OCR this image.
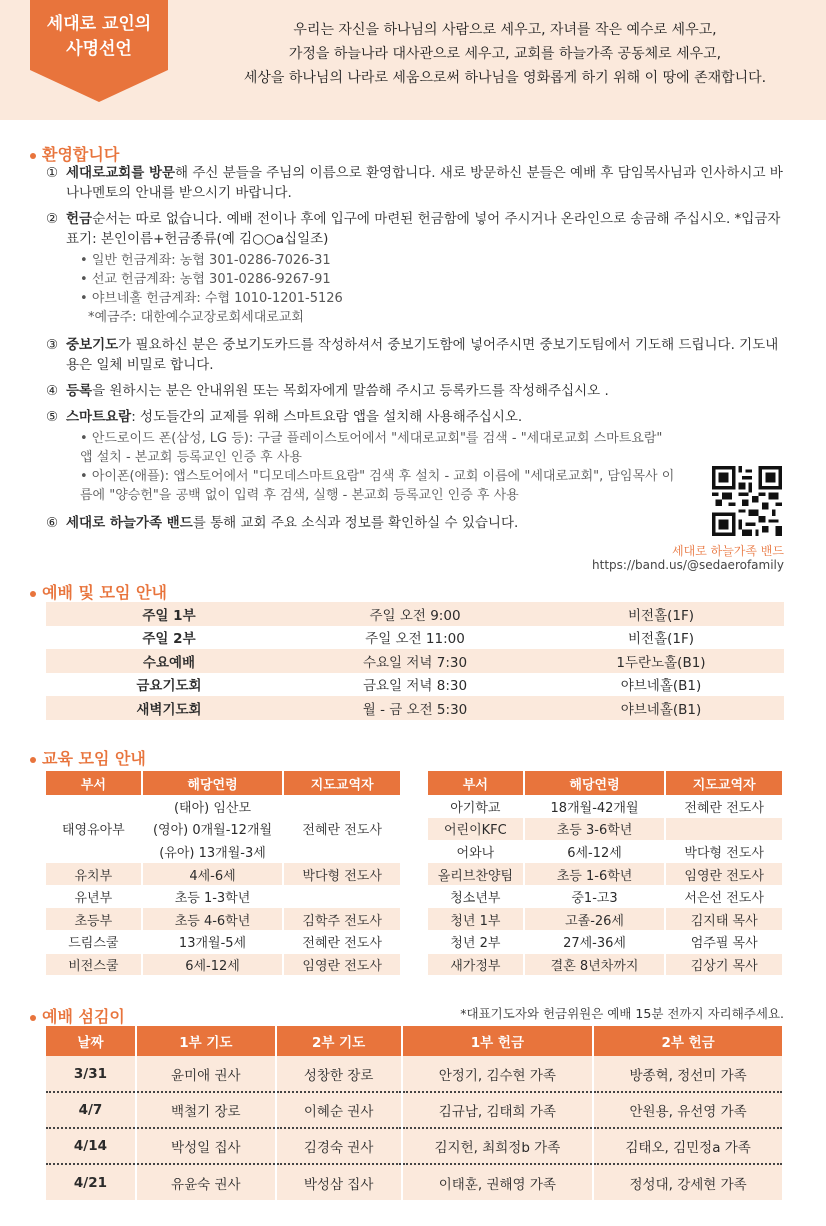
세대로 교인의
사명선언
우리는 자신을 하나님의 사람으로 세우고, 자녀를 작은 예수로 세우고,
가정을 하늘나라 대사관으로 세우고, 교회를 하늘가족 공동체로 세우고,
세상을 하나님의 나라로 세움으로써 하나님을 영화롭게 하기 위해 이 땅에 존재합니다.
환영합니다
① 세대로교회를 방문해 주신 분들을 주님의 이름으로 환영합니다. 새로 방문하신 분들은 예배 후 담임목사님과 인사하시고 바나나멘토의 안내를 받으시기 바랍니다.
② 헌금순서는 따로 없습니다. 예배 전이나 후에 입구에 마련된 헌금함에 넣어 주시거나 온라인으로 송금해 주십시오. *입금자 표기: 본인이름+헌금종류(예 김○○a십일조)
• 일반 헌금계좌: 농협 301-0286-7026-31
• 선교 헌금계좌: 농협 301-0286-9267-91
• 야브네홀 헌금계좌: 수협 1010-1201-5126
*예금주: 대한예수교장로회세대로교회
③ 중보기도가 필요하신 분은 중보기도카드를 작성하셔서 중보기도함에 넣어주시면 중보기도팀에서 기도해 드립니다. 기도내용은 일체 비밀로 합니다.
④ 등록을 원하시는 분은 안내위원 또는 목회자에게 말씀해 주시고 등록카드를 작성해주십시오 .
⑤ 스마트요람: 성도들간의 교제를 위해 스마트요람 앱을 설치해 사용해주십시오.
• 안드로이드 폰(삼성, LG 등): 구글 플레이스토어에서 "세대로교회"를 검색 - "세대로교회 스마트요람" 앱 설치 - 본교회 등록교인 인증 후 사용
• 아이폰(애플): 앱스토어에서 "디모데스마트요람" 검색 후 설치 - 교회 이름에 "세대로교회", 담임목사 이름에 "양승헌"을 공백 없이 입력 후 검색, 실행 - 본교회 등록교인 인증 후 사용
⑥ 세대로 하늘가족 밴드를 통해 교회 주요 소식과 정보를 확인하실 수 있습니다.
세대로 하늘가족 밴드
https://band.us/@sedaerofamily
예배 및 모임 안내
주일 1부	주일 오전 9:00	비전홀(1F)
주일 2부	주일 오전 11:00	비전홀(1F)
수요예배	수요일 저녁 7:30	1두란노홀(B1)
금요기도회	금요일 저녁 8:30	야브네홀(B1)
새벽기도회	월 - 금 오전 5:30	야브네홀(B1)
교육 모임 안내
부서	해당연령	지도교역자
태영유아부	(태아) 임산모	전혜란 전도사
	(영아) 0개월-12개월	
	(유아) 13개월-3세	
유치부	4세-6세	박다형 전도사
유년부	초등 1-3학년	
초등부	초등 4-6학년	김학주 전도사
드림스쿨	13개월-5세	전혜란 전도사
비전스쿨	6세-12세	임영란 전도사
부서	해당연령	지도교역자
아기학교	18개월-42개월	전혜란 전도사
어린이KFC	초등 3-6학년	
어와나	6세-12세	박다형 전도사
올리브찬양팀	초등 1-6학년	임영란 전도사
청소년부	중1-고3	서은선 전도사
청년 1부	고졸-26세	김지태 목사
청년 2부	27세-36세	엄주필 목사
새가정부	결혼 8년차까지	김상기 목사
예배 섬김이	*대표기도자와 헌금위원은 예배 15분 전까지 자리해주세요.
날짜	1부 기도	2부 기도	1부 헌금	2부 헌금
3/31	윤미애 권사	성창한 장로	안정기, 김수현 가족	방종혁, 정선미 가족
4/7	백철기 장로	이혜순 권사	김규남, 김태희 가족	안원용, 유선영 가족
4/14	박성일 집사	김경숙 권사	김지헌, 최희정b 가족	김태오, 김민정a 가족
4/21	유윤숙 권사	박성삼 집사	이태훈, 권해영 가족	정성대, 강세현 가족
